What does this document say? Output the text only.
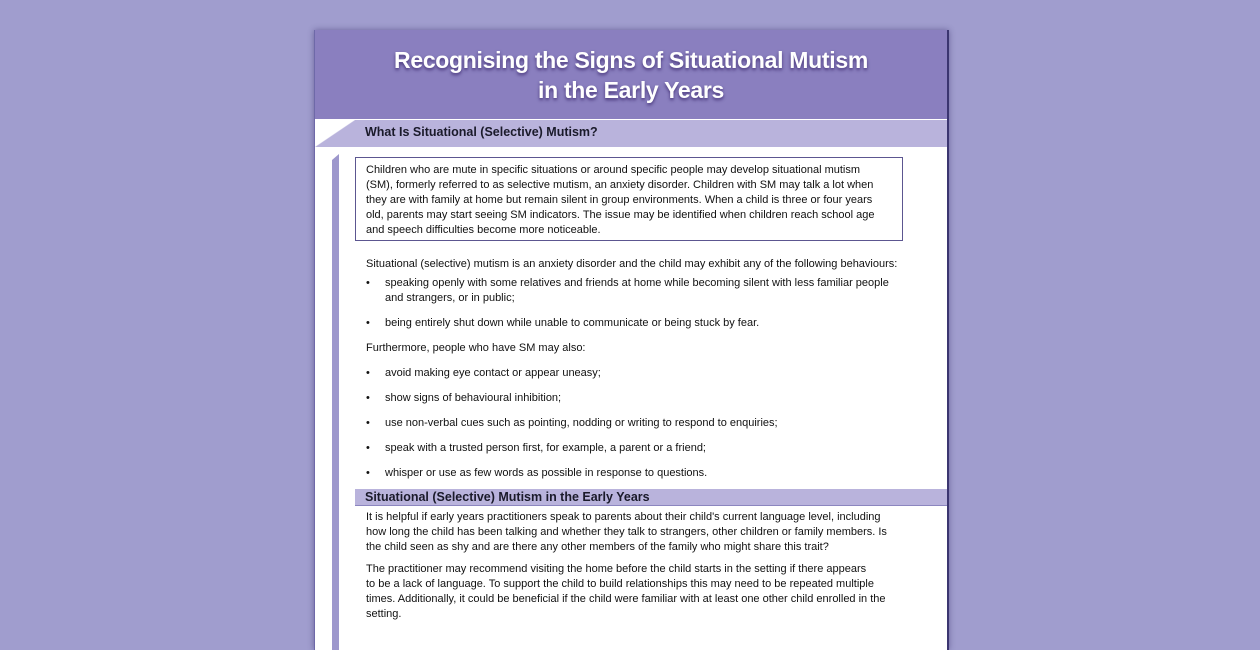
Recognising the Signs of Situational Mutism
in the Early Years
What Is Situational (Selective) Mutism?
Children who are mute in specific situations or around specific people may develop situational mutism
(SM), formerly referred to as selective mutism, an anxiety disorder. Children with SM may talk a lot when
they are with family at home but remain silent in group environments. When a child is three or four years
old, parents may start seeing SM indicators. The issue may be identified when children reach school age
and speech difficulties become more noticeable.
Situational (selective) mutism is an anxiety disorder and the child may exhibit any of the following behaviours:
• speaking openly with some relatives and friends at home while becoming silent with less familiar people and strangers, or in public;
• being entirely shut down while unable to communicate or being stuck by fear.
Furthermore, people who have SM may also:
• avoid making eye contact or appear uneasy;
• show signs of behavioural inhibition;
• use non-verbal cues such as pointing, nodding or writing to respond to enquiries;
• speak with a trusted person first, for example, a parent or a friend;
• whisper or use as few words as possible in response to questions.
Situational (Selective) Mutism in the Early Years
It is helpful if early years practitioners speak to parents about their child's current language level, including
how long the child has been talking and whether they talk to strangers, other children or family members. Is
the child seen as shy and are there any other members of the family who might share this trait?
The practitioner may recommend visiting the home before the child starts in the setting if there appears
to be a lack of language. To support the child to build relationships this may need to be repeated multiple
times. Additionally, it could be beneficial if the child were familiar with at least one other child enrolled in the
setting.
